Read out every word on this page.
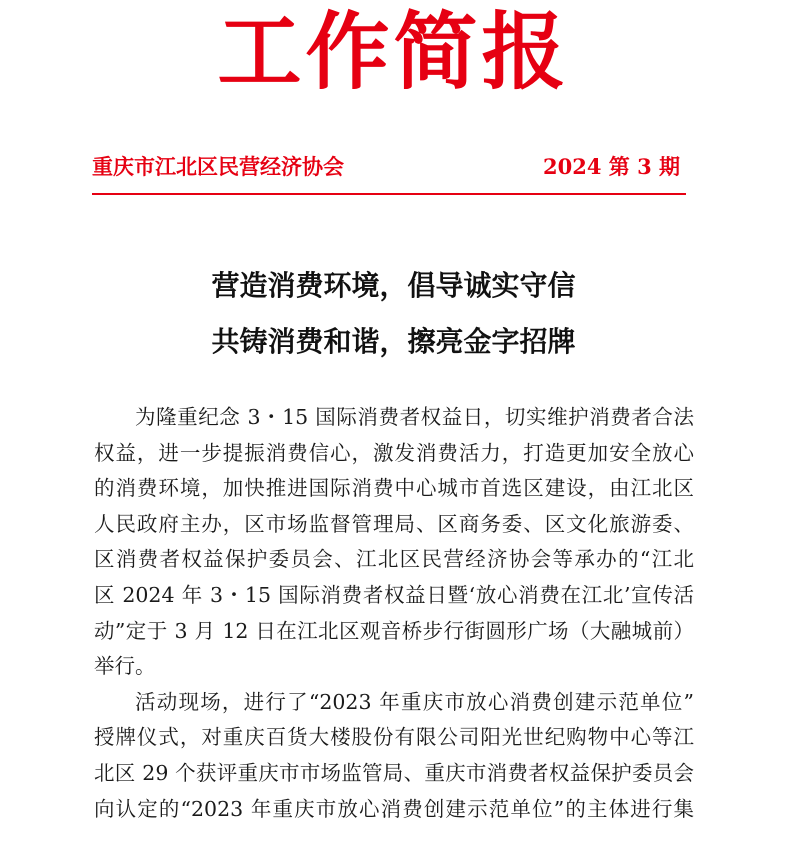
工作简报
重庆市江北区民营经济协会	2024 第 3 期
营造消费环境，倡导诚实守信
共铸消费和谐，擦亮金字招牌
为隆重纪念 3・15 国际消费者权益日，切实维护消费者合法
权益，进一步提振消费信心，激发消费活力，打造更加安全放心
的消费环境，加快推进国际消费中心城市首选区建设，由江北区
人民政府主办，区市场监督管理局、区商务委、区文化旅游委、
区消费者权益保护委员会、江北区民营经济协会等承办的“江北
区 2024 年 3・15 国际消费者权益日暨‘放心消费在江北’宣传活
动”定于 3 月 12 日在江北区观音桥步行街圆形广场（大融城前）
举行。
活动现场，进行了“2023 年重庆市放心消费创建示范单位”
授牌仪式，对重庆百货大楼股份有限公司阳光世纪购物中心等江
北区 29 个获评重庆市市场监管局、重庆市消费者权益保护委员会
向认定的“2023 年重庆市放心消费创建示范单位”的主体进行集
